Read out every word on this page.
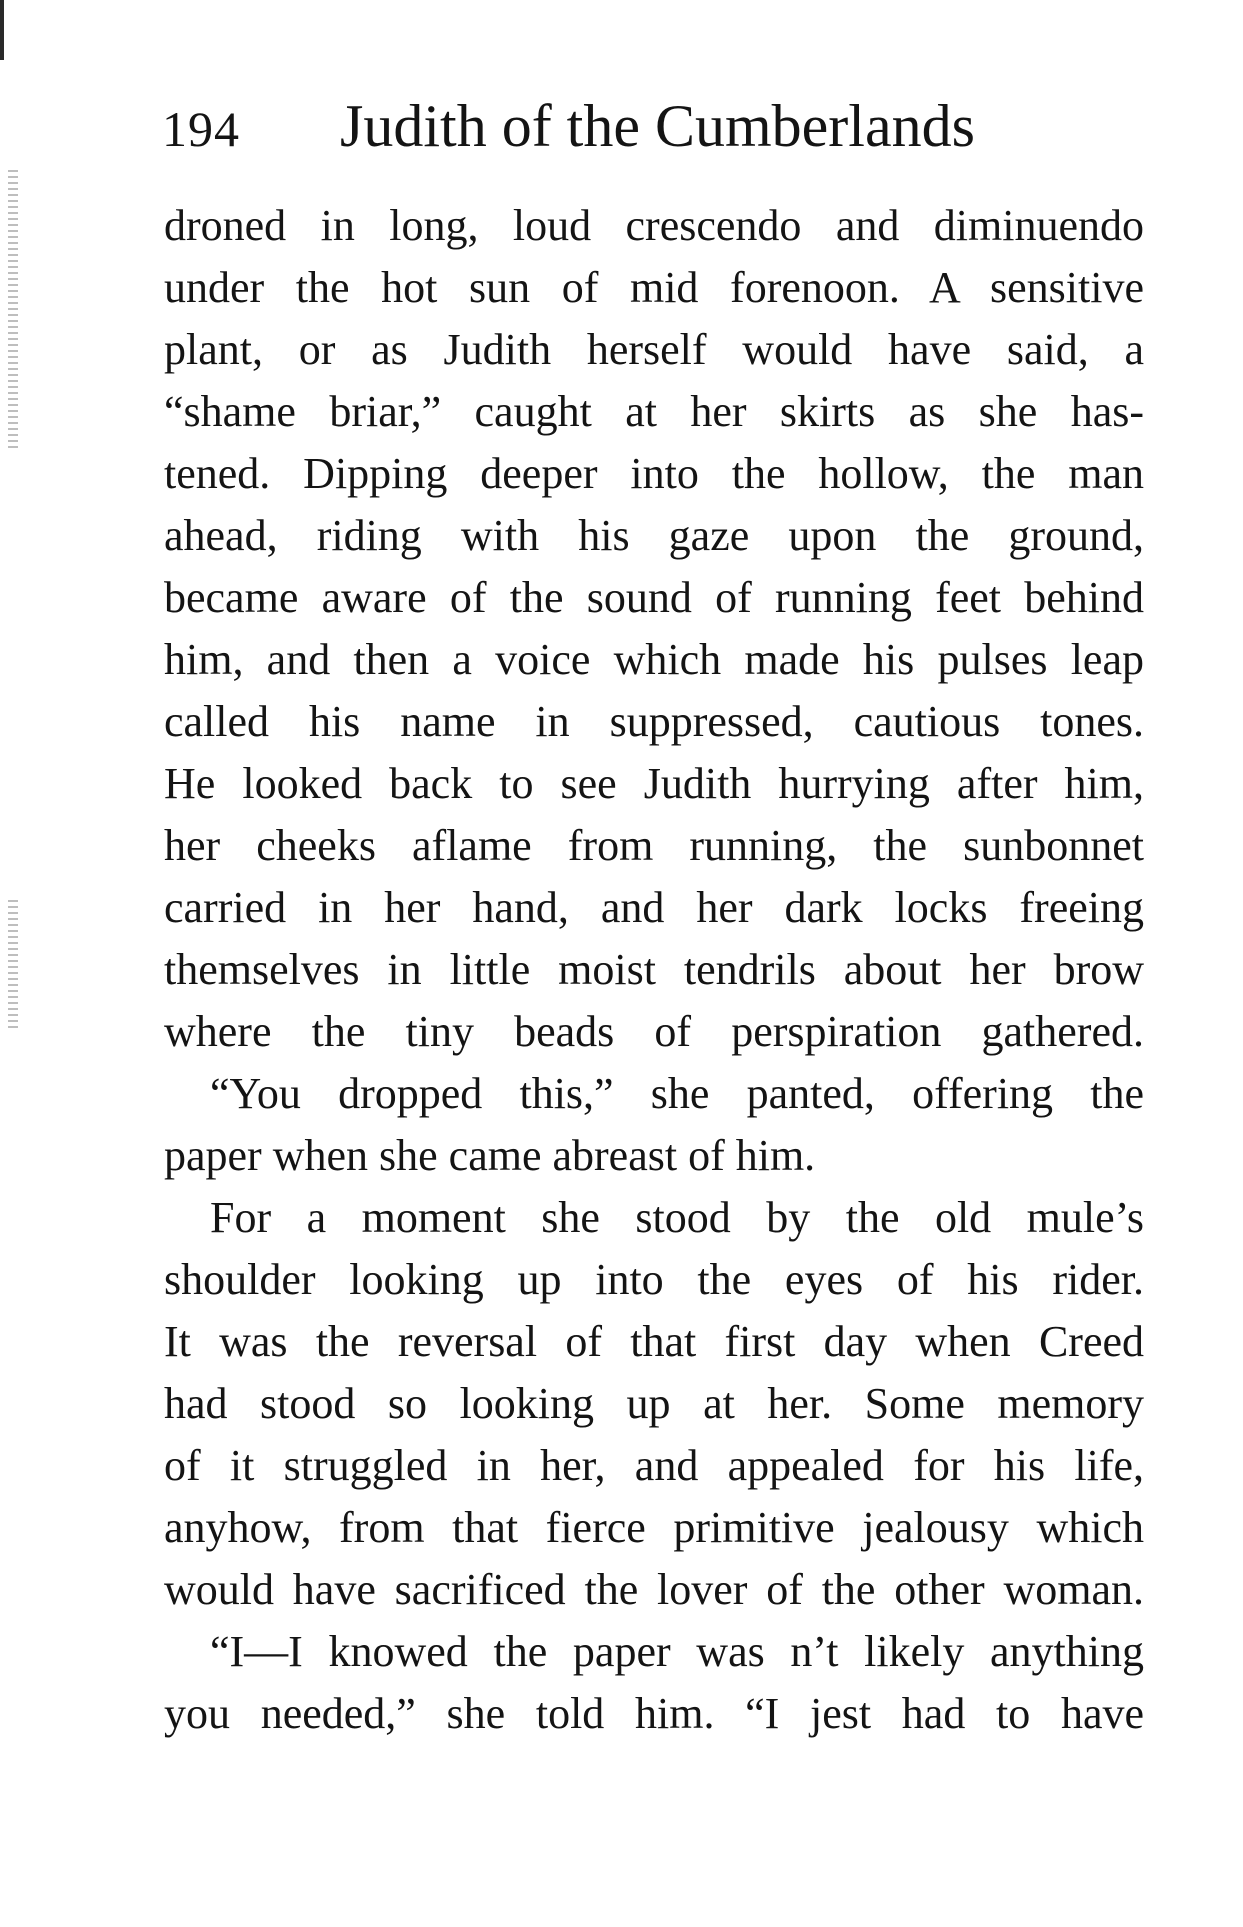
194 Judith of the Cumberlands
droned in long, loud crescendo and diminuendo
under the hot sun of mid forenoon. A sensitive
plant, or as Judith herself would have said, a
“shame briar,” caught at her skirts as she has-
tened. Dipping deeper into the hollow, the man
ahead, riding with his gaze upon the ground,
became aware of the sound of running feet behind
him, and then a voice which made his pulses leap
called his name in suppressed, cautious tones.
He looked back to see Judith hurrying after him,
her cheeks aflame from running, the sunbonnet
carried in her hand, and her dark locks freeing
themselves in little moist tendrils about her brow
where the tiny beads of perspiration gathered.
“You dropped this,” she panted, offering the
paper when she came abreast of him.
For a moment she stood by the old mule’s
shoulder looking up into the eyes of his rider.
It was the reversal of that first day when Creed
had stood so looking up at her. Some memory
of it struggled in her, and appealed for his life,
anyhow, from that fierce primitive jealousy which
would have sacrificed the lover of the other woman.
“I—I knowed the paper was n’t likely anything
you needed,” she told him. “I jest had to have
